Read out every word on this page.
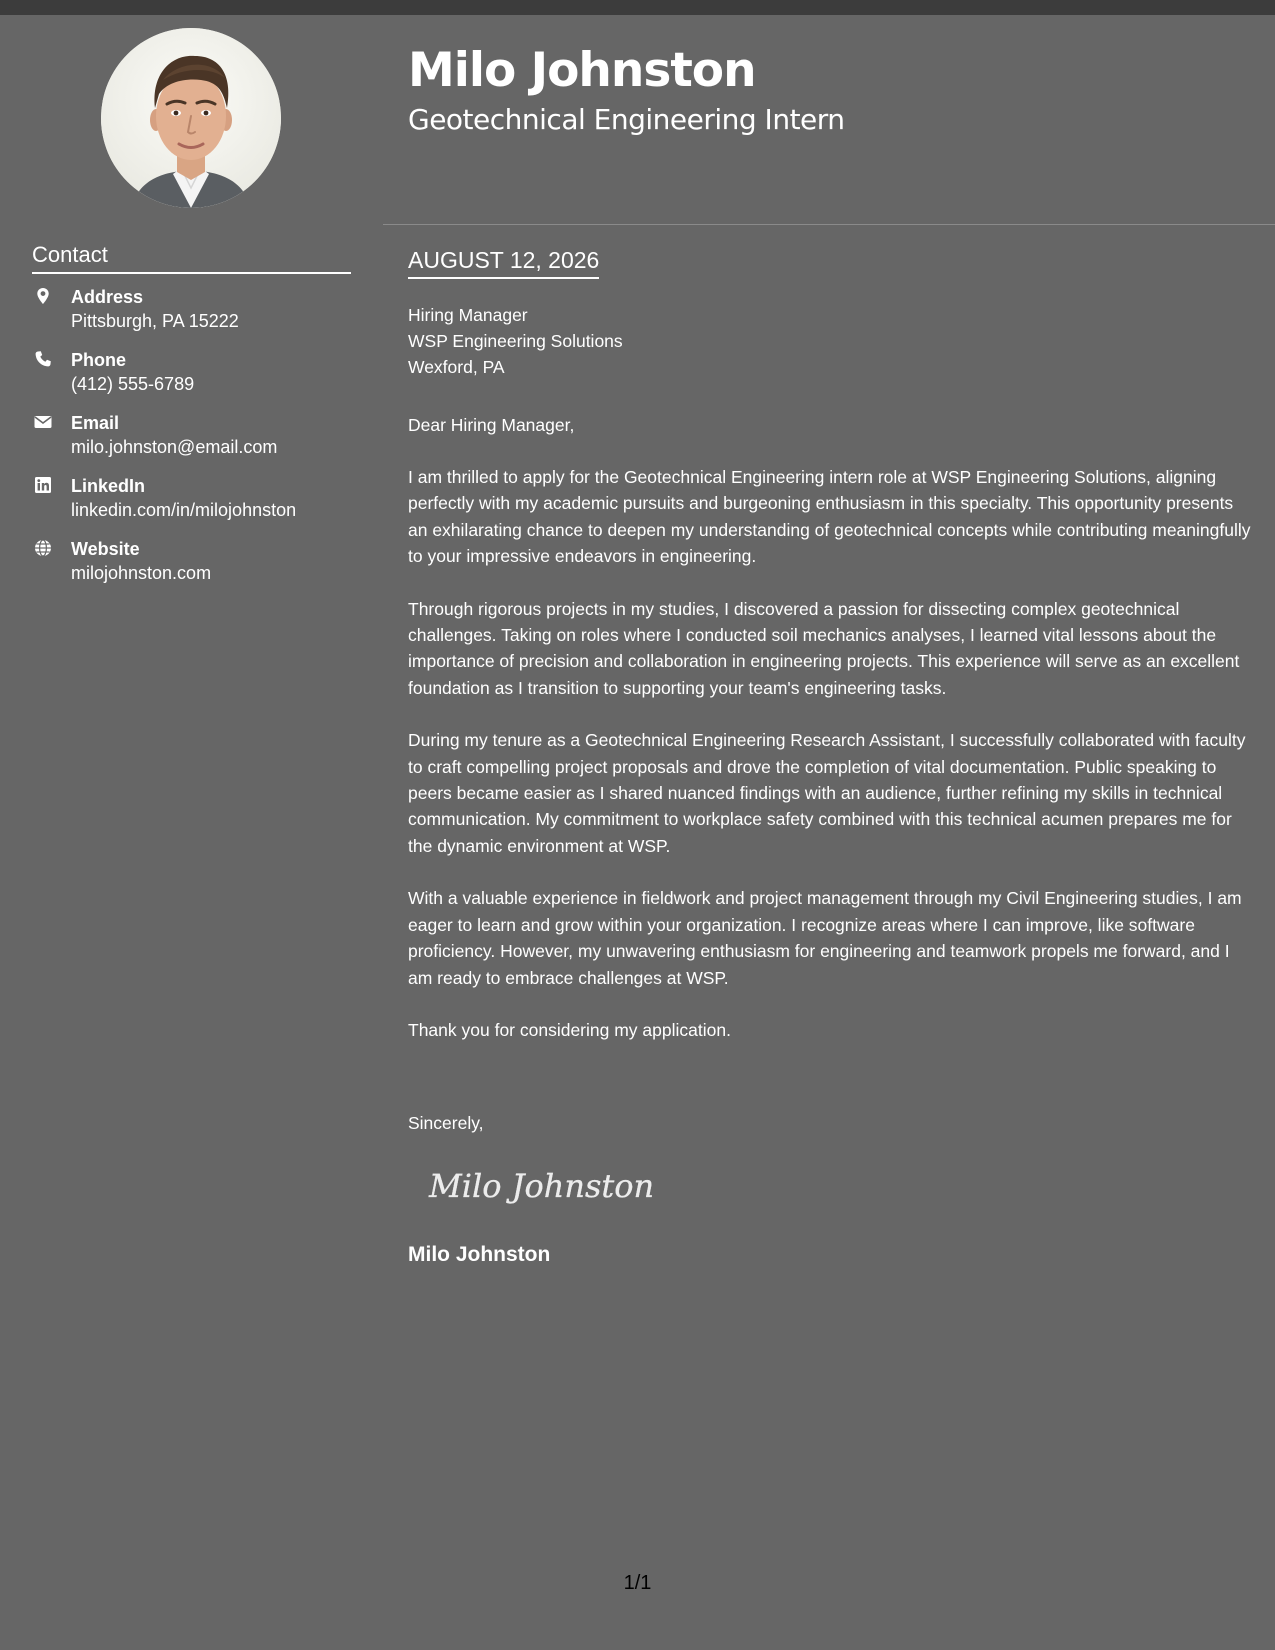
Milo Johnston
Geotechnical Engineering Intern
Contact
Address
Pittsburgh, PA 15222
Phone
(412) 555-6789
Email
milo.johnston@email.com
LinkedIn
linkedin.com/in/milojohnston
Website
milojohnston.com
AUGUST 12, 2026
Hiring Manager
WSP Engineering Solutions
Wexford, PA
Dear Hiring Manager,

I am thrilled to apply for the Geotechnical Engineering intern role at WSP Engineering Solutions, aligning perfectly with my academic pursuits and burgeoning enthusiasm in this specialty. This opportunity presents an exhilarating chance to deepen my understanding of geotechnical concepts while contributing meaningfully to your impressive endeavors in engineering.

Through rigorous projects in my studies, I discovered a passion for dissecting complex geotechnical challenges. Taking on roles where I conducted soil mechanics analyses, I learned vital lessons about the importance of precision and collaboration in engineering projects. This experience will serve as an excellent foundation as I transition to supporting your team's engineering tasks.

During my tenure as a Geotechnical Engineering Research Assistant, I successfully collaborated with faculty to craft compelling project proposals and drove the completion of vital documentation. Public speaking to peers became easier as I shared nuanced findings with an audience, further refining my skills in technical communication. My commitment to workplace safety combined with this technical acumen prepares me for the dynamic environment at WSP.

With a valuable experience in fieldwork and project management through my Civil Engineering studies, I am eager to learn and grow within your organization. I recognize areas where I can improve, like software proficiency. However, my unwavering enthusiasm for engineering and teamwork propels me forward, and I am ready to embrace challenges at WSP.

Thank you for considering my application.

Sincerely,
Milo Johnston
Milo Johnston
1/1
